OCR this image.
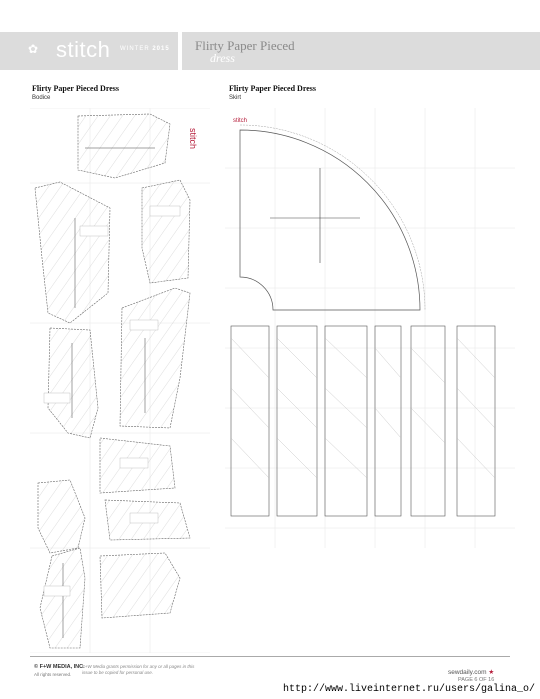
✿ stitch WINTER 2015 Flirty Paper Pieced
dress
Flirty Paper Pieced Dress
Bodice
Flirty Paper Pieced Dress
Skirt
stitch
stitch
© F+W MEDIA, INC.
All rights reserved.
F+W Media grants permission for any or all pages in this issue to be copied for personal use.	sewdaily.com ★
PAGE 6 OF 16
http://www.liveinternet.ru/users/galina_o/
